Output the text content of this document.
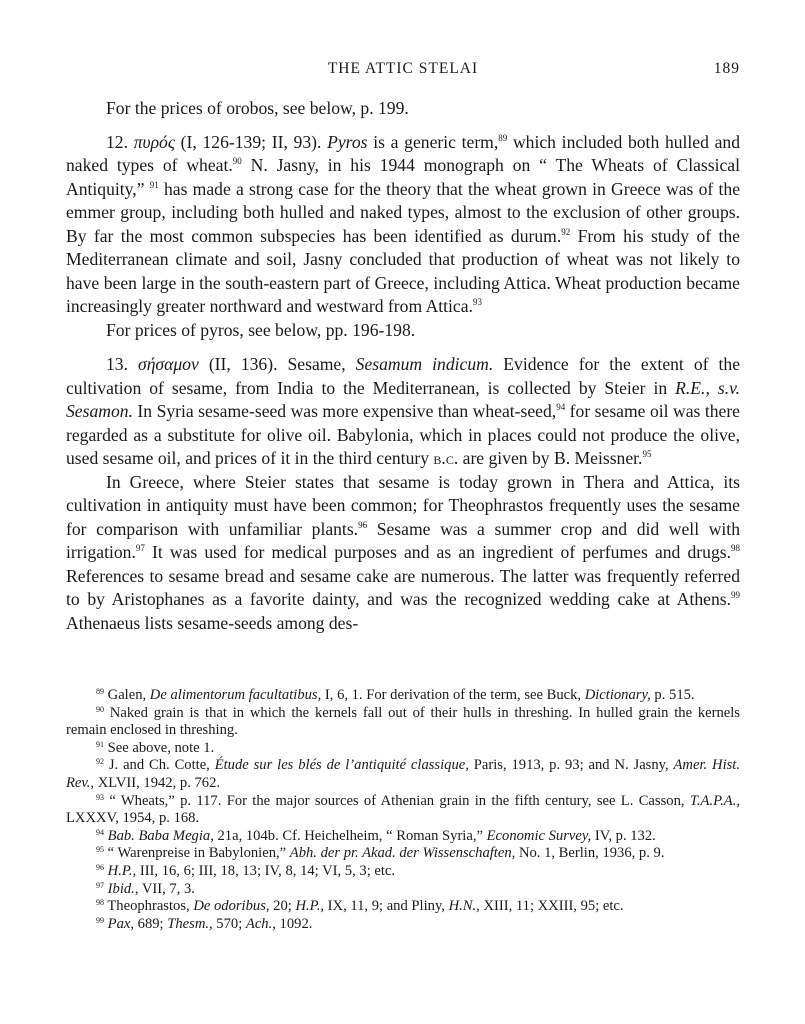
THE ATTIC STELAI	189

For the prices of orobos, see below, p. 199.

12. πυρός (I, 126-139; II, 93). Pyros is a generic term,$^{89}$ which included both hulled and naked types of wheat.$^{90}$ N. Jasny, in his 1944 monograph on “ The Wheats of Classical Antiquity,” $^{91}$ has made a strong case for the theory that the wheat grown in Greece was of the emmer group, including both hulled and naked types, almost to the exclusion of other groups. By far the most common subspecies has been identified as durum.$^{92}$ From his study of the Mediterranean climate and soil, Jasny concluded that production of wheat was not likely to have been large in the south-eastern part of Greece, including Attica. Wheat production became increasingly greater northward and westward from Attica.$^{93}$

For prices of pyros, see below, pp. 196-198.

13. σήσαμον (II, 136). Sesame, Sesamum indicum. Evidence for the extent of the cultivation of sesame, from India to the Mediterranean, is collected by Steier in R.E., s.v. Sesamon. In Syria sesame-seed was more expensive than wheat-seed,$^{94}$ for sesame oil was there regarded as a substitute for olive oil. Babylonia, which in places could not produce the olive, used sesame oil, and prices of it in the third century b.c. are given by B. Meissner.$^{95}$

In Greece, where Steier states that sesame is today grown in Thera and Attica, its cultivation in antiquity must have been common; for Theophrastos frequently uses the sesame for comparison with unfamiliar plants.$^{96}$ Sesame was a summer crop and did well with irrigation.$^{97}$ It was used for medical purposes and as an ingredient of perfumes and drugs.$^{98}$ References to sesame bread and sesame cake are numerous. The latter was frequently referred to by Aristophanes as a favorite dainty, and was the recognized wedding cake at Athens.$^{99}$ Athenaeus lists sesame-seeds among des-

$^{89}$ Galen, De alimentorum facultatibus, I, 6, 1. For derivation of the term, see Buck, Dictionary, p. 515.

$^{90}$ Naked grain is that in which the kernels fall out of their hulls in threshing. In hulled grain the kernels remain enclosed in threshing.

$^{91}$ See above, note 1.

$^{92}$ J. and Ch. Cotte, Étude sur les blés de l’antiquité classique, Paris, 1913, p. 93; and N. Jasny, Amer. Hist. Rev., XLVII, 1942, p. 762.

$^{93}$ “ Wheats,” p. 117. For the major sources of Athenian grain in the fifth century, see L. Casson, T.A.P.A., LXXXV, 1954, p. 168.

$^{94}$ Bab. Baba Megia, 21a, 104b. Cf. Heichelheim, “ Roman Syria,” Economic Survey, IV, p. 132.

$^{95}$ “ Warenpreise in Babylonien,” Abh. der pr. Akad. der Wissenschaften, No. 1, Berlin, 1936, p. 9.

$^{96}$ H.P., III, 16, 6; III, 18, 13; IV, 8, 14; VI, 5, 3; etc.

$^{97}$ Ibid., VII, 7, 3.

$^{98}$ Theophrastos, De odoribus, 20; H.P., IX, 11, 9; and Pliny, H.N., XIII, 11; XXIII, 95; etc.

$^{99}$ Pax, 689; Thesm., 570; Ach., 1092.
